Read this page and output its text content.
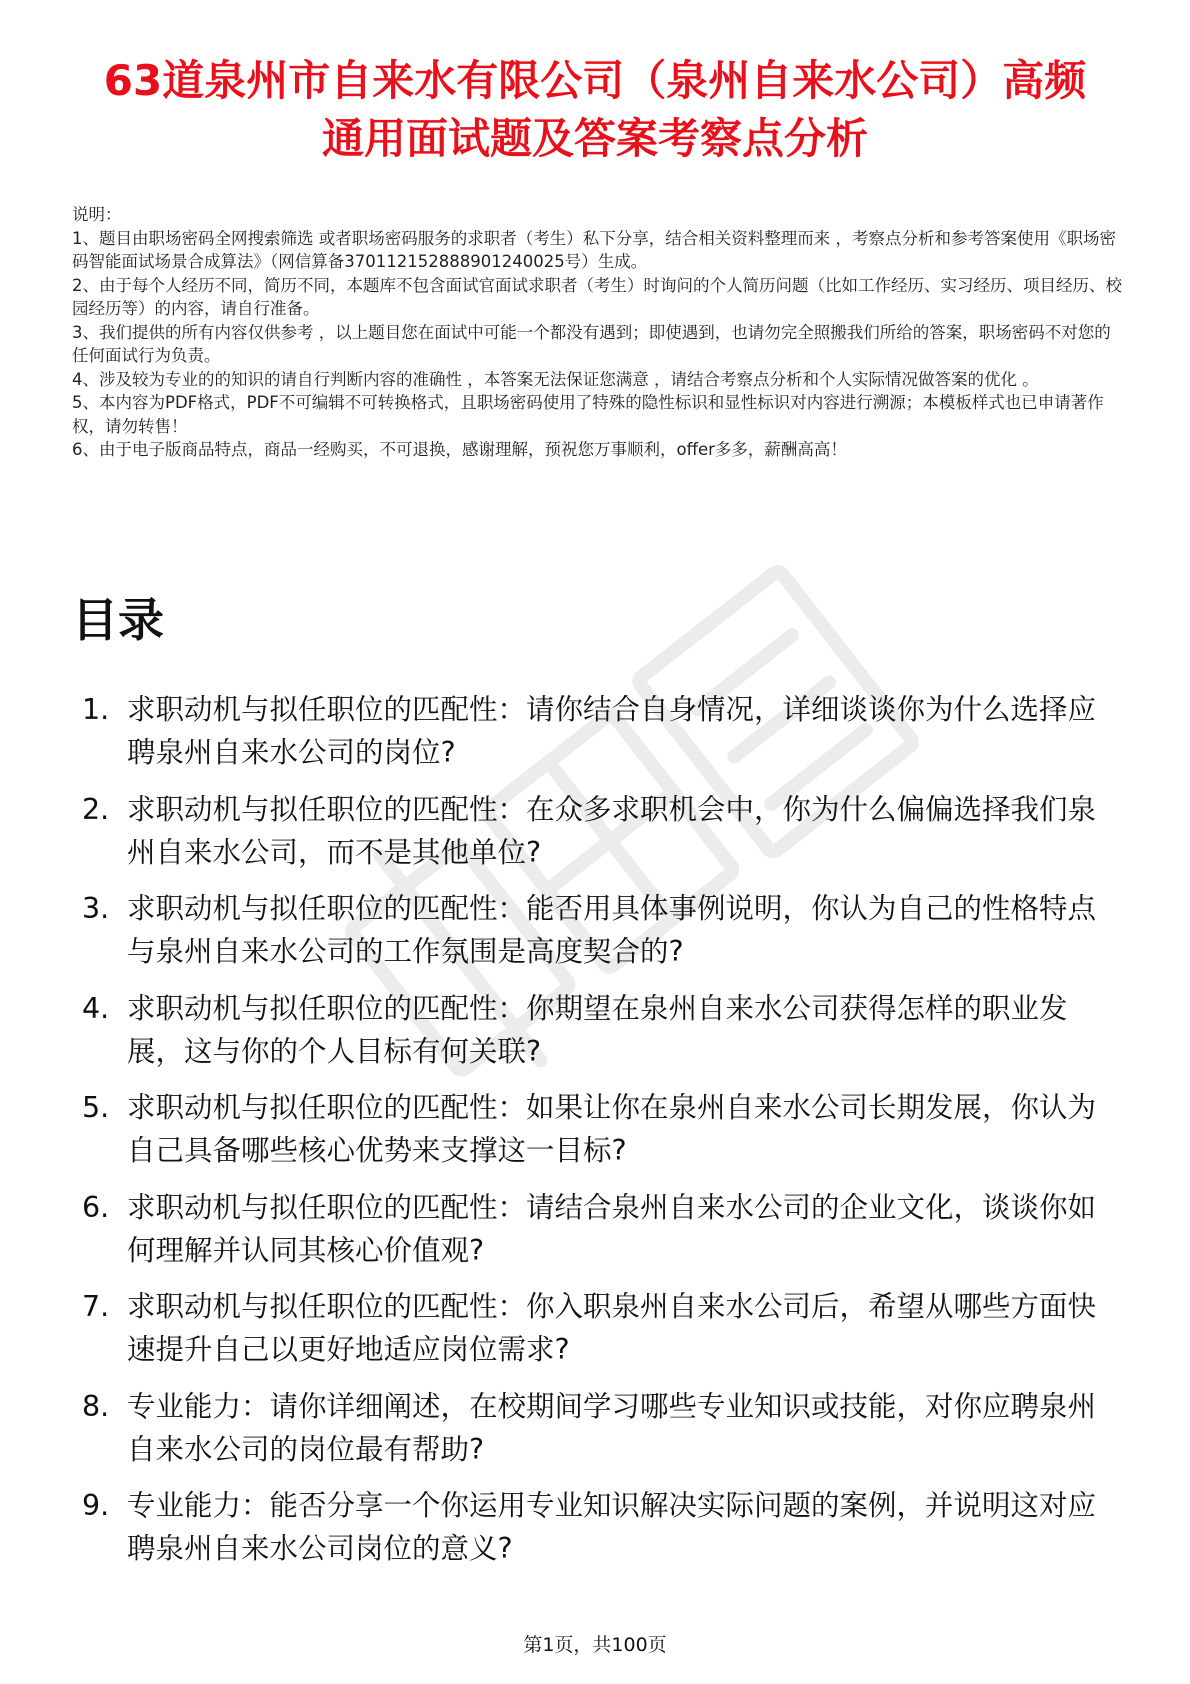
63道泉州市自来水有限公司（泉州自来水公司）高频通用面试题及答案考察点分析

说明：

1、题目由职场密码全网搜索筛选 或者职场密码服务的求职者（考生）私下分享，结合相关资料整理而来 ，考察点分析和参考答案使用《职场密码智能面试场景合成算法》（网信算备370112152888901240025号）生成。

2、由于每个人经历不同，简历不同，本题库不包含面试官面试求职者（考生）时询问的个人简历问题（比如工作经历、实习经历、项目经历、校园经历等）的内容，请自行准备。

3、我们提供的所有内容仅供参考 ，以上题目您在面试中可能一个都没有遇到；即使遇到，也请勿完全照搬我们所给的答案，职场密码不对您的任何面试行为负责。

4、涉及较为专业的的知识的请自行判断内容的准确性 ，本答案无法保证您满意 ，请结合考察点分析和个人实际情况做答案的优化 。

5、本内容为PDF格式，PDF不可编辑不可转换格式，且职场密码使用了特殊的隐性标识和显性标识对内容进行溯源；本模板样式也已申请著作权，请勿转售！

6、由于电子版商品特点，商品一经购买，不可退换，感谢理解，预祝您万事顺利，offer多多，薪酬高高！

目录
1. 求职动机与拟任职位的匹配性：请你结合自身情况，详细谈谈你为什么选择应聘泉州自来水公司的岗位?
2. 求职动机与拟任职位的匹配性：在众多求职机会中，你为什么偏偏选择我们泉州自来水公司，而不是其他单位?
3. 求职动机与拟任职位的匹配性：能否用具体事例说明，你认为自己的性格特点与泉州自来水公司的工作氛围是高度契合的?
4. 求职动机与拟任职位的匹配性：你期望在泉州自来水公司获得怎样的职业发展，这与你的个人目标有何关联?
5. 求职动机与拟任职位的匹配性：如果让你在泉州自来水公司长期发展，你认为自己具备哪些核心优势来支撑这一目标?
6. 求职动机与拟任职位的匹配性：请结合泉州自来水公司的企业文化，谈谈你如何理解并认同其核心价值观?
7. 求职动机与拟任职位的匹配性：你入职泉州自来水公司后，希望从哪些方面快速提升自己以更好地适应岗位需求?
8. 专业能力：请你详细阐述，在校期间学习哪些专业知识或技能，对你应聘泉州自来水公司的岗位最有帮助?
9. 专业能力：能否分享一个你运用专业知识解决实际问题的案例，并说明这对应聘泉州自来水公司岗位的意义?
第1页，共100页
